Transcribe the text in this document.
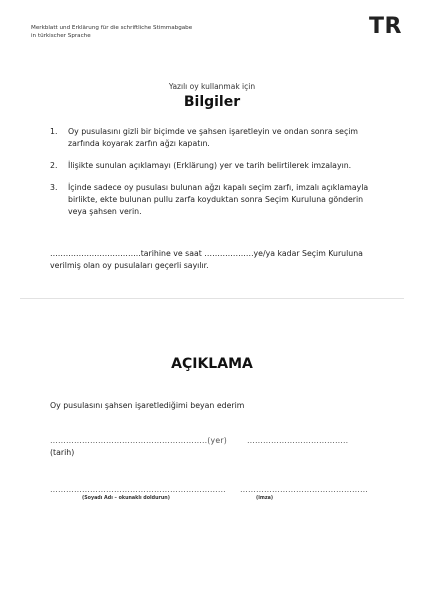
Merkblatt und Erklärung für die schriftliche Stimmabgabe
in türkischer Sprache	TR

Yazılı oy kullanmak için

Bilgiler

1.	Oy pusulasını gizli bir biçimde ve şahsen işaretleyin ve ondan sonra seçim zarfında koyarak zarfın ağzı kapatın.
2.	İlişikte sunulan açıklamayı (Erklärung) yer ve tarih belirtilerek imzalayın.
3.	İçinde sadece oy pusulası bulunan ağzı kapalı seçim zarfı, imzalı açıklamayla birlikte, ekte bulunan pullu zarfa koyduktan sonra Seçim Kuruluna gönderin veya şahsen verin.
……………………………..tarihine ve saat ……………….ye/ya kadar Seçim Kuruluna verilmiş olan oy pusulaları geçerli sayılır.
AÇIKLAMA
Oy pusulasını şahsen işaretlediğimi beyan ederim
…………………………………………………..(yer)	………………………………..
(tarih)
………………………………………………………… …………………………………………
(Soyadı Adı – okunaklı doldurun)	(imza)
